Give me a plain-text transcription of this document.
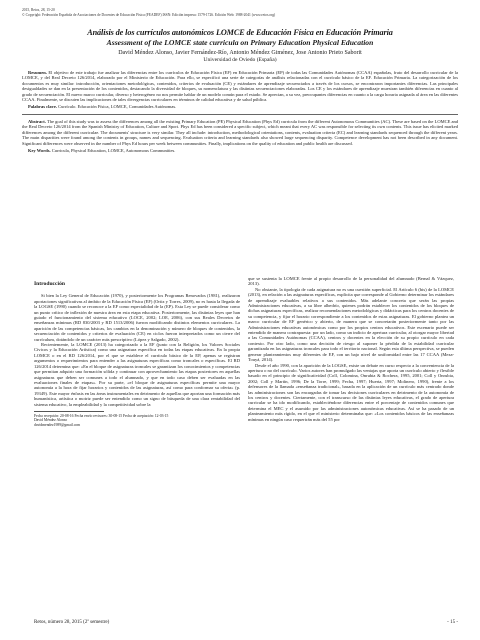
2015, Retos, 28, 15-20
© Copyright: Federación Española de Asociaciones de Docentes de Educación Física (FEADEF) ISSN: Edición impresa: 1579-1726. Edición Web: 1988-2041 (www.retos.org)
Análisis de los currículos autonómicos LOMCE de Educación Física en Educación Primaria
Assessment of the LOMCE state curricula on Primary Education Physical Education
David Méndez Alonso, Javier Fernández-Río, Antonio Méndez Giménez, Jose Antonio Prieto Saborit
Universidad de Oviedo (España)

Resumen. El objetivo de este trabajo fue analizar las diferencias entre los currículos de Educación Física (EF) en Educación Primaria (EP) de todas las Comunidades Autónomas (CCAA) españolas, fruto del desarrollo curricular de la LOMCE, y del Real Decreto 126/2014, elaborado por el Ministerio de Educación. Para ello, se especificó una serie de categorías de análisis relacionadas con el currículo básico de la EF. Educación Primaria. La categorización de los documentos es muy similar: introducción, orientaciones metodológicas, contenidos, criterios de evaluación (CE) y estándares de aprendizaje secuenciados a través de los cursos, se encontraron importantes diferencias. Las principales desigualdades se dan en la presentación de los contenidos, destacando la diversidad de bloques, su nomenclatura y las distintas secuenciaciones elaboradas. Los CE y los estándares de aprendizaje muestran también diferencias en cuanto al grado de secuenciación. El nuevo marco curricular, diverso y heterogéneo no nos permite hablar de un modelo común para el estado. Se aprecian, a su vez, preocupantes diferencias en cuanto a la carga horaria asignada al área en las diferentes CCAA. Finalmente, se discuten las implicaciones de tales divergencias curriculares en términos de calidad educativa y de salud pública.

Palabras clave. Currículo. Educación Física, LOMCE, Comunidades Autónomas.

Abstract. The goal of this study was to assess the differences among all the existing Primary Education (PE) Physical Education (Phys Ed) curricula from the different Autonomous Communities (AC). These are based on the LOMCE and the Real Decreto 126/2014 from the Spanish Ministry of Education, Culture and Sport. Phys Ed has been considered a specific subject, which meant that every AC was responsible for selecting its own contents. This issue has elicited marked differences among the different curriculae. The documents' structure is very similar. They all include: introduction, methodological orientations, contents, evaluation criteria (EC) and learning standards sequenced through the different years. The main disparities were found among the contents in groups, names and sequencing. Evaluation criteria and learning standards also showed large sequencing disparity. Competence development has not been described in any document. Significant differences were observed in the number of Phys Ed hours per week between communities. Finally, implications on the quality of education and public health are discussed.

Key Words. Curricula, Physical Education, LOMCE, Autonomous Communities.

Introducción

Si bien la Ley General de Educación (1970), y posteriormente los Programas Renovados (1981), realizaron aportaciones significativas al ámbito de la Educación Física (EF) (Ortiz y Torres, 2009), no es hasta la llegada de la LOGSE (1990) cuando se reconoce a la EF como especialidad de la (EP). Esta Ley se puede considerar como un punto crítico de inflexión de nuestra área en esta etapa educativa. Posteriormente, las distintas leyes que han guiado el funcionamiento del sistema educativo (LOCE, 2002; LOE, 2006), con sus Reales Decretos de enseñanzas mínimas (RD 830/2003 y RD 1513/2006) fueron modificando distintos elementos curriculares. La aparición de las competencias básicas, los cambios en la denominación y número de bloques de contenidos, la secuenciación de contenidos y criterios de evaluación (CE) en ciclos fueron interpretados como un cierre del currículum, dotándolo de un carácter más prescriptivo (López y Salgado, 2002).

Recientemente, la LOMCE (2013) ha categorizado a la EF (junto con la Religión, los Valores Sociales Cívicos y la Educación Artística) como una asignatura específica en todas las etapas educativas. En la propia LOMCE o en el RD 126/2014, por el que se establece el currículo básico de la EP, apenas se registran argumentos o requerimientos para entender a las asignaturas específicas como troncales o específicas. El RD 126/2014 determina que: «En el bloque de asignaturas troncales se garantizan los conocimientos y competencias que permitan adquirir una formación sólida y continuar con aprovechamiento las etapas posteriores en aquellas asignaturas que deben ser comunes a todo el alumnado, y que en todo caso deben ser evaluadas en las evaluaciones finales de etapas». Por su parte, «el bloque de asignaturas específicas permite una mayor autonomía a la hora de fijar horarios y contenidos de las asignaturas, así como para conformar su oferta» (p. 19349). Este mayor énfasis en las áreas instrumentales en detrimento de aquellas que aportan una formación más humanística, artística o motriz puede ser entendido como un signo de búsqueda de una clara rentabilidad del sistema educativo, la empleabilidad y la competitividad sobre la

Fecha recepción: 20-08-16 Fecha envío revisores: 30-08-15 Fecha de aceptación: 12-03-15
David Méndez Alonso
davidmendez1989@gmail.com

que se sustenta la LOMCE frente al propio desarrollo de la personalidad del alumnado (Bernal & Vázquez, 2013).

No obstante, la tipología de cada asignatura no es una cuestión superficial. El Artículo 6 (bis) de la LOMCE (2013), en relación a las asignaturas específicas, explicita que corresponde al Gobierno determinar los estándares de aprendizaje evaluables relativos a sus contenidos. Más adelante concreta que serán las propias Administraciones educativas, a su libre albedrío, quienes podrán establecer los contenidos de los bloques de dichas asignaturas específicas, realizar recomendaciones metodológicas y didácticas para los centros docentes de su competencia, y fijar el horario correspondiente a los contenidos de estas asignaturas. El gobierno plantea un marco curricular de EF genérico y abierto, de manera que se concretarán posteriormente tanto por las Administraciones educativas autonómicas como por los propios centros educativos. Este escenario puede ser entendido de manera contrapuesta: por un lado, como un indicio de apertura curricular, al otorgar mayor libertad a las Comunidades Autónomas (CCAA), centros y docentes en la elección de su propio currículo en cada contexto. Por otro lado, como una decisión de riesgo al suponer la pérdida de la estabilidad curricular garantizada en las asignaturas troncales para todo el territorio nacional. Según esta última perspectiva, se pueden generar planteamientos muy diferentes de EF, con un bajo nivel de uniformidad entre las 17 CCAA (Meza-Touyá, 2014).

Desde el año 1990, con la aparición de la LOGSE, existe un debate en curso respecto a la conveniencia de la apertura o no del currículo. Varios autores han promulgado las ventajas que aporta un currículo abierto y flexible basado en el principio de significatividad (Coll, Colomina, Onrubia & Rochera, 1995, 2001; Coll y Onrubia, 2002; Coll y Martín, 1996; De la Torre, 1999; Fecha, 1997; Huerta, 1997; Molinero, 1990), frente a los defensores de la llamada «enseñanza tradicional», basada en la aplicación de un currículo más centrado donde las administraciones son las encargadas de tomar las decisiones curriculares en detrimento de la autonomía de los centros y docentes. Ciertamente, con el transcurso de las distintas leyes educativas, el grado de apertura curricular se ha ido modificando, estableciéndose diferencias entre el porcentaje de contenidos comunes que determina el MEC y el asumido por las administraciones autonómicas educativas. Así se ha pasado de un planteamiento más rígido, en el que el ministerio determinaba que: «Los contenidos básicos de las enseñanzas mínimas en ningún caso requerirán más del 55 por

Retos, número 28, 2015 (2º semestre)	- 15 -
